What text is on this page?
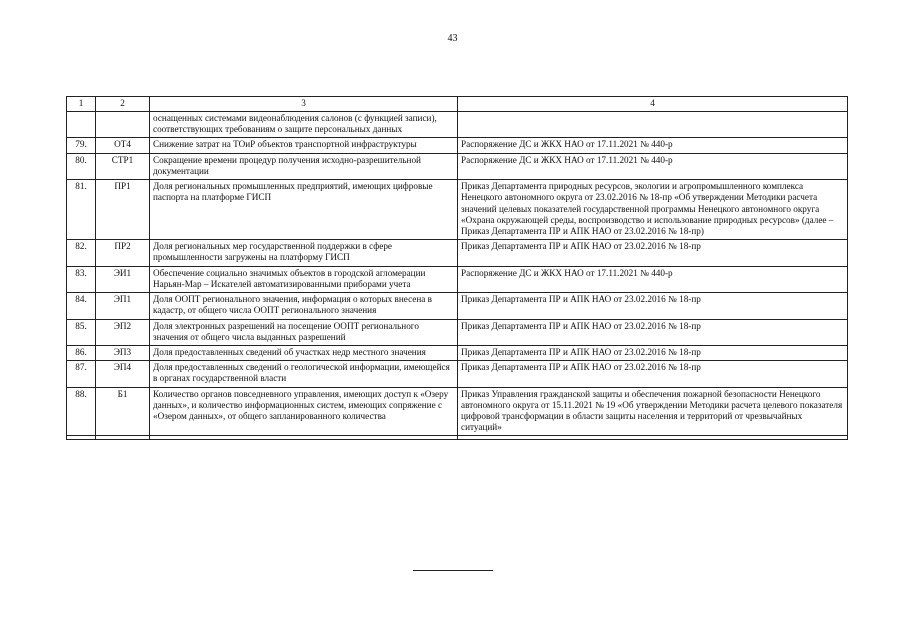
43
1	2	3	4
		оснащенных системами видеонаблюдения салонов (с функцией записи), соответствующих требованиям о защите персональных данных	
79.	ОТ4	Снижение затрат на ТОиР объектов транспортной инфраструктуры	Распоряжение ДС и ЖКХ НАО от 17.11.2021 № 440-р
80.	СТР1	Сокращение времени процедур получения исходно-разрешительной документации	Распоряжение ДС и ЖКХ НАО от 17.11.2021 № 440-р
81.	ПР1	Доля региональных промышленных предприятий, имеющих цифровые паспорта на платформе ГИСП	Приказ Департамента природных ресурсов, экологии и агропромышленного комплекса Ненецкого автономного округа от 23.02.2016 № 18-пр «Об утверждении Методики расчета значений целевых показателей государственной программы Ненецкого автономного округа «Охрана окружающей среды, воспроизводство и использование природных ресурсов» (далее – Приказ Департамента ПР и АПК НАО от 23.02.2016 № 18-пр)
82.	ПР2	Доля региональных мер государственной поддержки в сфере промышленности загружены на платформу ГИСП	Приказ Департамента ПР и АПК НАО от 23.02.2016 № 18-пр
83.	ЭИ1	Обеспечение социально значимых объектов в городской агломерации Нарьян-Мар – Искателей автоматизированными приборами учета	Распоряжение ДС и ЖКХ НАО от 17.11.2021 № 440-р
84.	ЭП1	Доля ООПТ регионального значения, информация о которых внесена в кадастр, от общего числа ООПТ регионального значения	Приказ Департамента ПР и АПК НАО от 23.02.2016 № 18-пр
85.	ЭП2	Доля электронных разрешений на посещение ООПТ регионального значения от общего числа выданных разрешений	Приказ Департамента ПР и АПК НАО от 23.02.2016 № 18-пр
86.	ЭП3	Доля предоставленных сведений об участках недр местного значения	Приказ Департамента ПР и АПК НАО от 23.02.2016 № 18-пр
87.	ЭП4	Доля предоставленных сведений о геологической информации, имеющейся в органах государственной власти	Приказ Департамента ПР и АПК НАО от 23.02.2016 № 18-пр
88.	Б1	Количество органов повседневного управления, имеющих доступ к «Озеру данных», и количество информационных систем, имеющих сопряжение с «Озером данных», от общего запланированного количества	Приказ Управления гражданской защиты и обеспечения пожарной безопасности Ненецкого автономного округа от 15.11.2021 № 19 «Об утверждении Методики расчета целевого показателя цифровой трансформации в области защиты населения и территорий от чрезвычайных ситуаций»
